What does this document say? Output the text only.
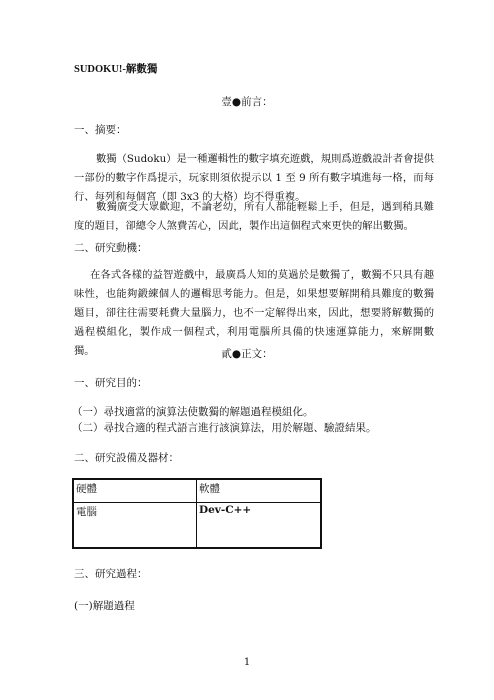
SUDOKU!-解數獨
壹●前言：
一、摘要：
數獨（Sudoku）是一種邏輯性的數字填充遊戲，規則爲遊戲設計者會提供一部份的數字作爲提示，玩家則須依提示以 1 至 9 所有數字填進每一格，而每行、每列和每個宮（即 3x3 的大格）均不得重複。
數獨廣受大眾歡迎，不論老幼，所有人都能輕鬆上手，但是，遇到稍具難度的題目，卻總令人煞費苦心，因此，製作出這個程式來更快的解出數獨。
二、研究動機：
在各式各樣的益智遊戲中，最廣爲人知的莫過於是數獨了，數獨不只具有趣味性，也能夠鍛練個人的邏輯思考能力。但是，如果想要解開稍具難度的數獨題目，卻往往需要耗費大量腦力，也不一定解得出來，因此，想要將解數獨的過程模組化，製作成一個程式，利用電腦所具備的快速運算能力，來解開數獨。	貳●正文：
一、研究目的：
（一）尋找適當的演算法使數獨的解題過程模組化。
（二）尋找合適的程式語言進行該演算法，用於解題、驗證結果。
二、研究設備及器材：
硬體	軟體
電腦	Dev-C++
三、研究過程：
(一)解題過程
1
